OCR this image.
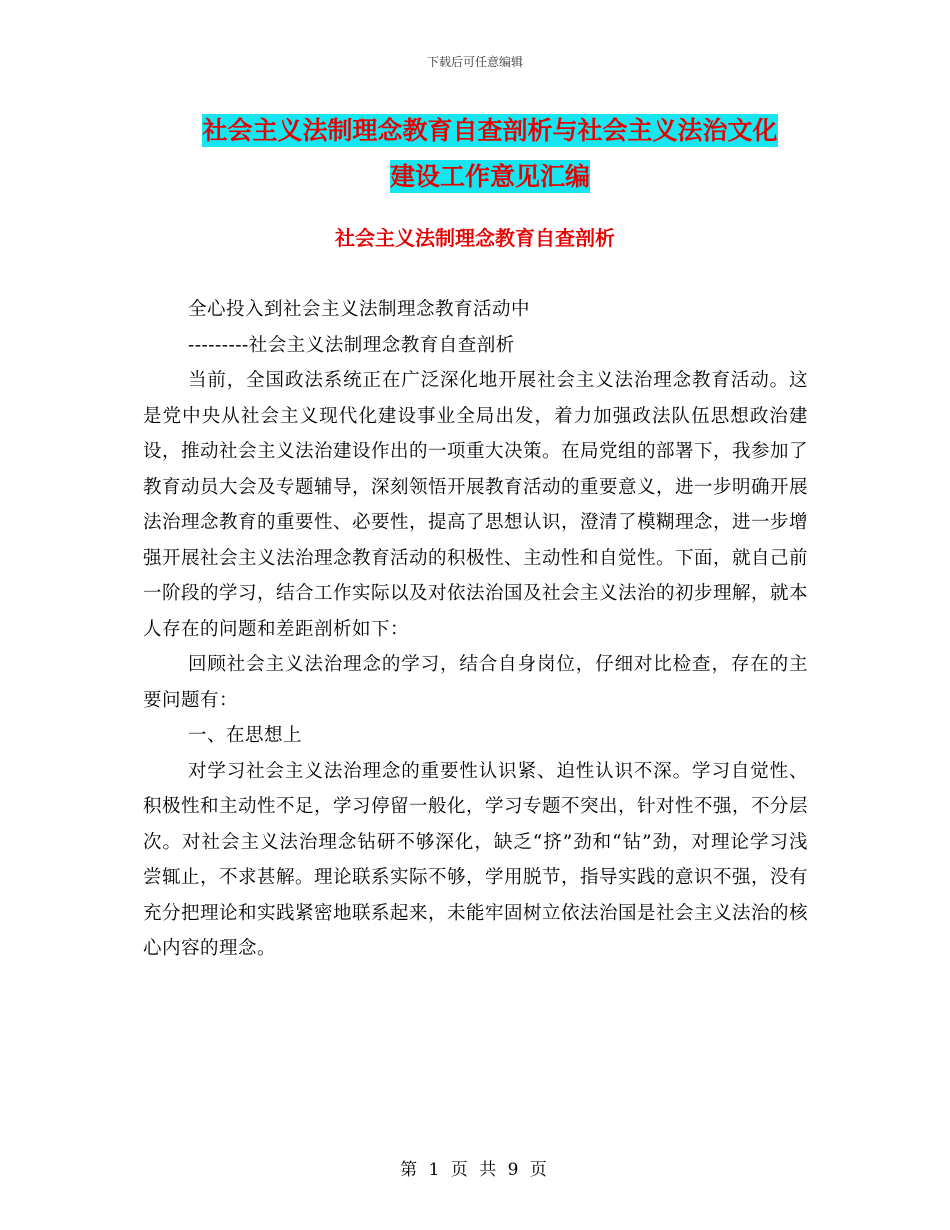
下载后可任意编辑
社会主义法制理念教育自查剖析与社会主义法治文化
建设工作意见汇编
社会主义法制理念教育自查剖析

全心投入到社会主义法制理念教育活动中

---------社会主义法制理念教育自查剖析

当前，全国政法系统正在广泛深化地开展社会主义法治理念教育活动。这是党中央从社会主义现代化建设事业全局出发，着力加强政法队伍思想政治建设，推动社会主义法治建设作出的一项重大决策。在局党组的部署下，我参加了教育动员大会及专题辅导，深刻领悟开展教育活动的重要意义，进一步明确开展法治理念教育的重要性、必要性，提高了思想认识，澄清了模糊理念，进一步增强开展社会主义法治理念教育活动的积极性、主动性和自觉性。下面，就自己前一阶段的学习，结合工作实际以及对依法治国及社会主义法治的初步理解，就本人存在的问题和差距剖析如下：

回顾社会主义法治理念的学习，结合自身岗位，仔细对比检查，存在的主要问题有：

一、在思想上

对学习社会主义法治理念的重要性认识紧、迫性认识不深。学习自觉性、积极性和主动性不足，学习停留一般化，学习专题不突出，针对性不强，不分层次。对社会主义法治理念钻研不够深化，缺乏“挤”劲和“钻”劲，对理论学习浅尝辄止，不求甚解。理论联系实际不够，学用脱节，指导实践的意识不强，没有充分把理论和实践紧密地联系起来，未能牢固树立依法治国是社会主义法治的核心内容的理念。

第 1 页 共 9 页
